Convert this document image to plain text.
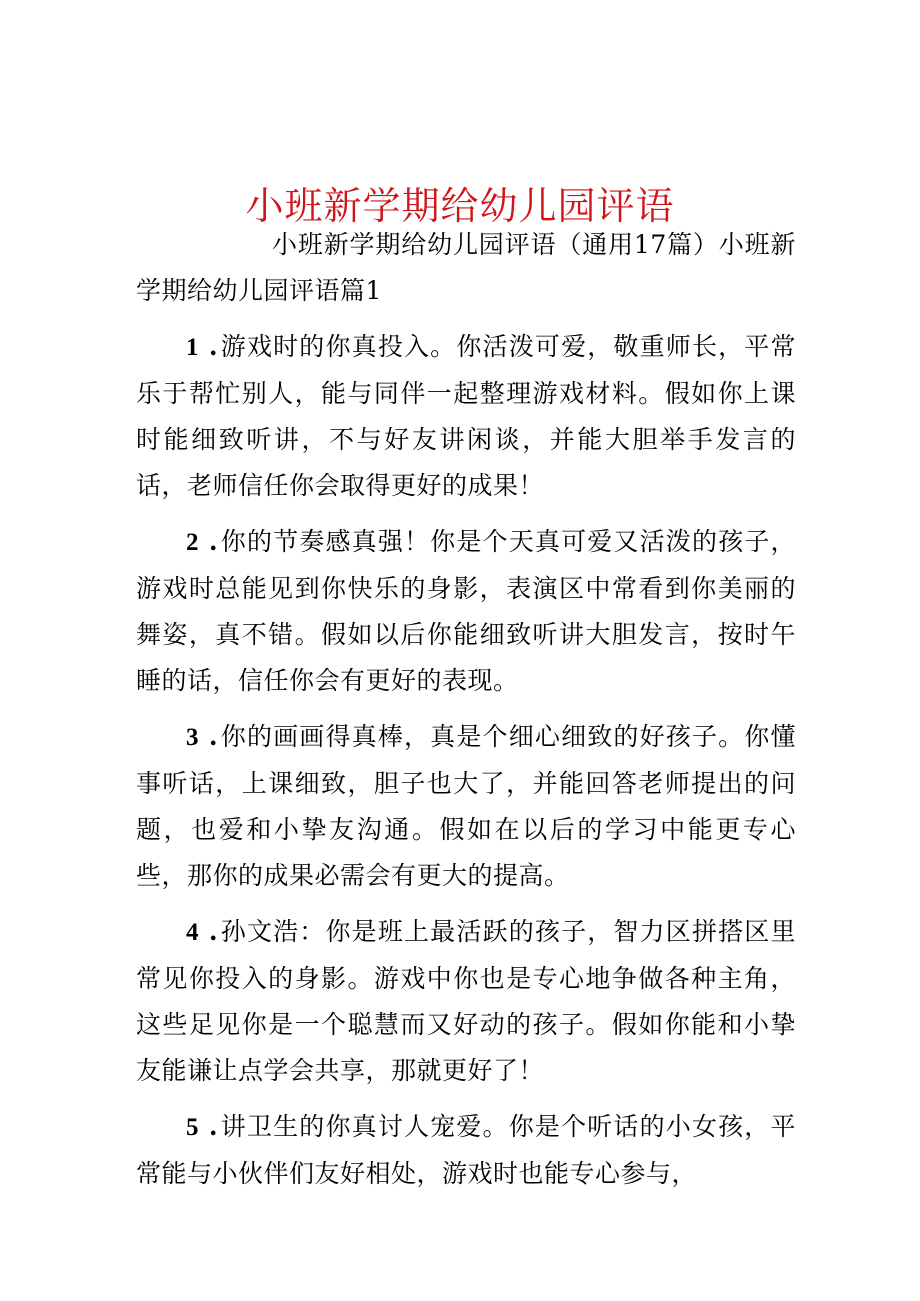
小班新学期给幼儿园评语

小班新学期给幼儿园评语（通用17篇）小班新学期给幼儿园评语篇1

1 .游戏时的你真投入。你活泼可爱，敬重师长，平常乐于帮忙别人，能与同伴一起整理游戏材料。假如你上课时能细致听讲，不与好友讲闲谈，并能大胆举手发言的话，老师信任你会取得更好的成果！

2 .你的节奏感真强！你是个天真可爱又活泼的孩子，游戏时总能见到你快乐的身影，表演区中常看到你美丽的舞姿，真不错。假如以后你能细致听讲大胆发言，按时午睡的话，信任你会有更好的表现。

3 .你的画画得真棒，真是个细心细致的好孩子。你懂事听话，上课细致，胆子也大了，并能回答老师提出的问题，也爱和小挚友沟通。假如在以后的学习中能更专心些，那你的成果必需会有更大的提高。

4 .孙文浩：你是班上最活跃的孩子，智力区拼搭区里常见你投入的身影。游戏中你也是专心地争做各种主角，这些足见你是一个聪慧而又好动的孩子。假如你能和小挚友能谦让点学会共享，那就更好了！

5 .讲卫生的你真讨人宠爱。你是个听话的小女孩，平常能与小伙伴们友好相处，游戏时也能专心参与，
